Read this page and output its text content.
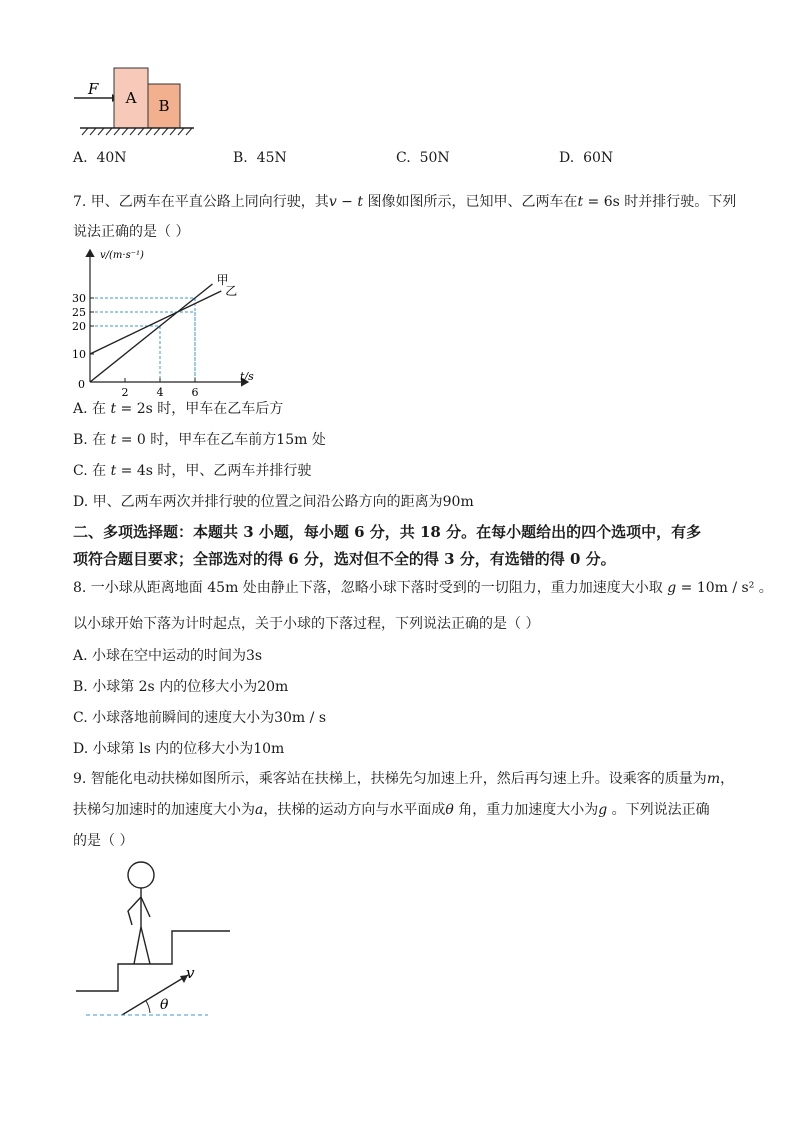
F A B
A. 40N	B. 45N	C. 50N	D. 60N
7. 甲、乙两车在平直公路上同向行驶，其v − t 图像如图所示，已知甲、乙两车在t = 6s 时并排行驶。下列
说法正确的是（ ）
v/(m·s⁻¹)
t/s
0
2	4	6
10
20
25
30
甲
乙
A. 在 t = 2s 时，甲车在乙车后方
B. 在 t = 0 时，甲车在乙车前方15m 处
C. 在 t = 4s 时，甲、乙两车并排行驶
D. 甲、乙两车两次并排行驶的位置之间沿公路方向的距离为90m
二、多项选择题：本题共 3 小题，每小题 6 分，共 18 分。在每小题给出的四个选项中，有多
项符合题目要求；全部选对的得 6 分，选对但不全的得 3 分，有选错的得 0 分。
8. 一小球从距离地面 45m 处由静止下落，忽略小球下落时受到的一切阻力，重力加速度大小取 g = 10m / s² 。
以小球开始下落为计时起点，关于小球的下落过程，下列说法正确的是（ ）
A. 小球在空中运动的时间为3s
B. 小球第 2s 内的位移大小为20m
C. 小球落地前瞬间的速度大小为30m / s
D. 小球第 ls 内的位移大小为10m
9. 智能化电动扶梯如图所示，乘客站在扶梯上，扶梯先匀加速上升，然后再匀速上升。设乘客的质量为m，
扶梯匀加速时的加速度大小为a，扶梯的运动方向与水平面成θ 角，重力加速度大小为g 。下列说法正确
的是（ ）
v
θ
